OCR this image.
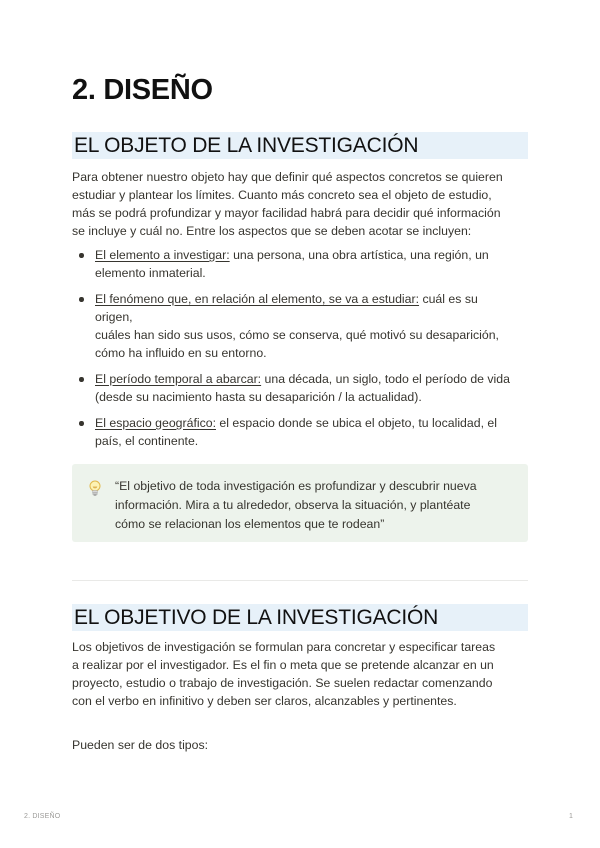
2. DISEÑO
EL OBJETO DE LA INVESTIGACIÓN

Para obtener nuestro objeto hay que definir qué aspectos concretos se quieren
estudiar y plantear los límites. Cuanto más concreto sea el objeto de estudio,
más se podrá profundizar y mayor facilidad habrá para decidir qué información
se incluye y cuál no. Entre los aspectos que se deben acotar se incluyen:

El elemento a investigar: una persona, una obra artística, una región, un
elemento inmaterial.
El fenómeno que, en relación al elemento, se va a estudiar: cuál es su
origen,
cuáles han sido sus usos, cómo se conserva, qué motivó su desaparición,
cómo ha influido en su entorno.
El período temporal a abarcar: una década, un siglo, todo el período de vida
(desde su nacimiento hasta su desaparición / la actualidad).
El espacio geográfico: el espacio donde se ubica el objeto, tu localidad, el
país, el continente.
“El objetivo de toda investigación es profundizar y descubrir nueva
información. Mira a tu alrededor, observa la situación, y plantéate
cómo se relacionan los elementos que te rodean”
EL OBJETIVO DE LA INVESTIGACIÓN

Los objetivos de investigación se formulan para concretar y especificar tareas
a realizar por el investigador. Es el fin o meta que se pretende alcanzar en un
proyecto, estudio o trabajo de investigación. Se suelen redactar comenzando
con el verbo en infinitivo y deben ser claros, alcanzables y pertinentes.

Pueden ser de dos tipos:

2. DISEÑO	1
